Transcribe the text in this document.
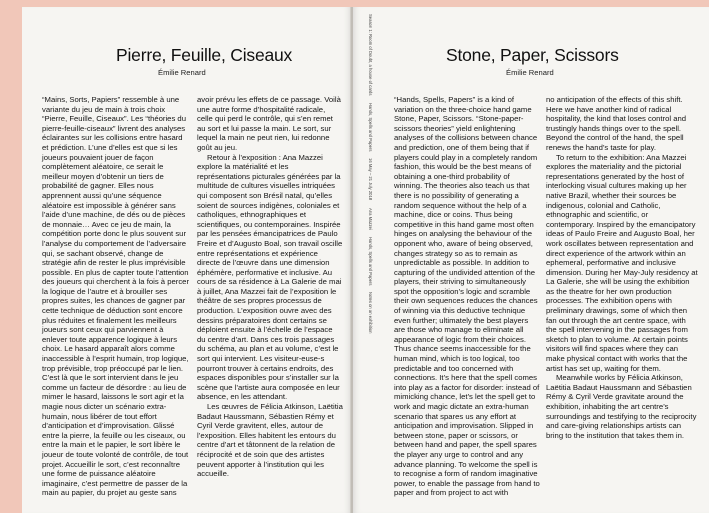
Pierre, Feuille, Ciseaux
Émilie Renard

“Mains, Sorts, Papiers” ressemble à une variante du jeu de main à trois choix “Pierre, Feuille, Ciseaux”. Les “théories du pierre-feuille-ciseaux” livrent des analyses éclairantes sur les collisions entre hasard et prédiction. L’une d’elles est que si les joueurs pouvaient jouer de façon complètement aléatoire, ce serait le meilleur moyen d’obtenir un tiers de probabilité de gagner. Elles nous apprennent aussi qu’une séquence aléatoire est impossible à générer sans l’aide d’une machine, de dés ou de pièces de monnaie… Avec ce jeu de main, la compétition porte donc le plus souvent sur l’analyse du comportement de l’adversaire qui, se sachant observé, change de stratégie afin de rester le plus imprévisible possible. En plus de capter toute l’attention des joueurs qui cherchent à la fois à percer la logique de l’autre et à brouiller ses propres suites, les chances de gagner par cette technique de déduction sont encore plus réduites et finalement les meilleurs joueurs sont ceux qui parviennent à enlever toute apparence logique à leurs choix. Le hasard apparaît alors comme inaccessible à l’esprit humain, trop logique, trop prévisible, trop préoccupé par le lien. C’est là que le sort intervient dans le jeu comme un facteur de désordre : au lieu de mimer le hasard, laissons le sort agir et la magie nous dicter un scénario extra-humain, nous libérer de tout effort d’anticipation et d’improvisation. Glissé entre la pierre, la feuille ou les ciseaux, ou entre la main et le papier, le sort libère le joueur de toute volonté de contrôle, de tout projet. Accueillir le sort, c’est reconnaître une forme de puissance aléatoire imaginaire, c’est permettre de passer de la main au papier, du projet au geste sans

avoir prévu les effets de ce passage. Voilà une autre forme d’hospitalité radicale, celle qui perd le contrôle, qui s’en remet au sort et lui passe la main. Le sort, sur lequel la main ne peut rien, lui redonne goût au jeu.

Retour à l’exposition : Ana Mazzei explore la matérialité et les représentations picturales générées par la multitude de cultures visuelles intriquées qui composent son Brésil natal, qu’elles soient de sources indigènes, coloniales et catholiques, ethnographiques et scientifiques, ou contemporaines. Inspirée par les pensées émancipatrices de Paulo Freire et d’Augusto Boal, son travail oscille entre représentations et expérience directe de l’œuvre dans une dimension éphémère, performative et inclusive. Au cours de sa résidence à La Galerie de mai à juillet, Ana Mazzei fait de l’exposition le théâtre de ses propres processus de production. L’exposition ouvre avec des dessins préparatoires dont certains se déploient ensuite à l’échelle de l’espace du centre d’art. Dans ces trois passages du schéma, au plan et au volume, c’est le sort qui intervient. Les visiteur-euse-s pourront trouver à certains endroits, des espaces disponibles pour s’installer sur la scène que l’artiste aura composée en leur absence, en les attendant.

Les œuvres de Félicia Atkinson, Laëtitia Badaut Haussmann, Sébastien Rémy et Cyril Verde gravitent, elles, autour de l’exposition. Elles habitent les entours du centre d’art et tâtonnent de la relation de réciprocité et de soin que des artistes peuvent apporter à l’institution qui les accueille.

Stone, Paper, Scissors
Émilie Renard

“Hands, Spells, Papers” is a kind of variation on the three-choice hand game Stone, Paper, Scissors. “Stone-paper-scissors theories” yield enlightening analyses of the collisions between chance and prediction, one of them being that if players could play in a completely random fashion, this would be the best means of obtaining a one-third probability of winning. The theories also teach us that there is no possibility of generating a random sequence without the help of a machine, dice or coins. Thus being competitive in this hand game most often hinges on analysing the behaviour of the opponent who, aware of being observed, changes strategy so as to remain as unpredictable as possible. In addition to capturing of the undivided attention of the players, their striving to simultaneously spot the opposition’s logic and scramble their own sequences reduces the chances of winning via this deductive technique even further; ultimately the best players are those who manage to eliminate all appearance of logic from their choices. Thus chance seems inaccessible for the human mind, which is too logical, too predictable and too concerned with connections. It’s here that the spell comes into play as a factor for disorder: instead of mimicking chance, let’s let the spell get to work and magic dictate an extra-human scenario that spares us any effort at anticipation and improvisation. Slipped in between stone, paper or scissors, or between hand and paper, the spell spares the player any urge to control and any advance planning. To welcome the spell is to recognise a form of random imaginative power, to enable the passage from hand to paper and from project to act with

no anticipation of the effects of this shift. Here we have another kind of radical hospitality, the kind that loses control and trustingly hands things over to the spell. Beyond the control of the hand, the spell renews the hand’s taste for play.

To return to the exhibition: Ana Mazzei explores the materiality and the pictorial representations generated by the host of interlocking visual cultures making up her native Brazil, whether their sources be indigenous, colonial and Catholic, ethnographic and scientific, or contemporary. Inspired by the emancipatory ideas of Paulo Freire and Augusto Boal, her work oscillates between representation and direct experience of the artwork within an ephemeral, performative and inclusive dimension. During her May-July residency at La Galerie, she will be using the exhibition as the theatre for her own production processes. The exhibition opens with preliminary drawings, some of which then fan out through the art centre space, with the spell intervening in the passages from sketch to plan to volume. At certain points visitors will find spaces where they can make physical contact with works that the artist has set up, waiting for them.

Meanwhile works by Félicia Atkinson, Laëtitia Badaut Haussmann and Sébastien Rémy & Cyril Verde gravitate around the exhibition, inhabiting the art centre’s surroundings and testifying to the reciprocity and care-giving relationships artists can bring to the institution that takes them in.

Season 1: Room of Doubt, a house of cards Hands, Spells and Papers 16 May – 21 July 2018 Ana Mazzei Hands, Spells and Papers Notes on an exhibition
